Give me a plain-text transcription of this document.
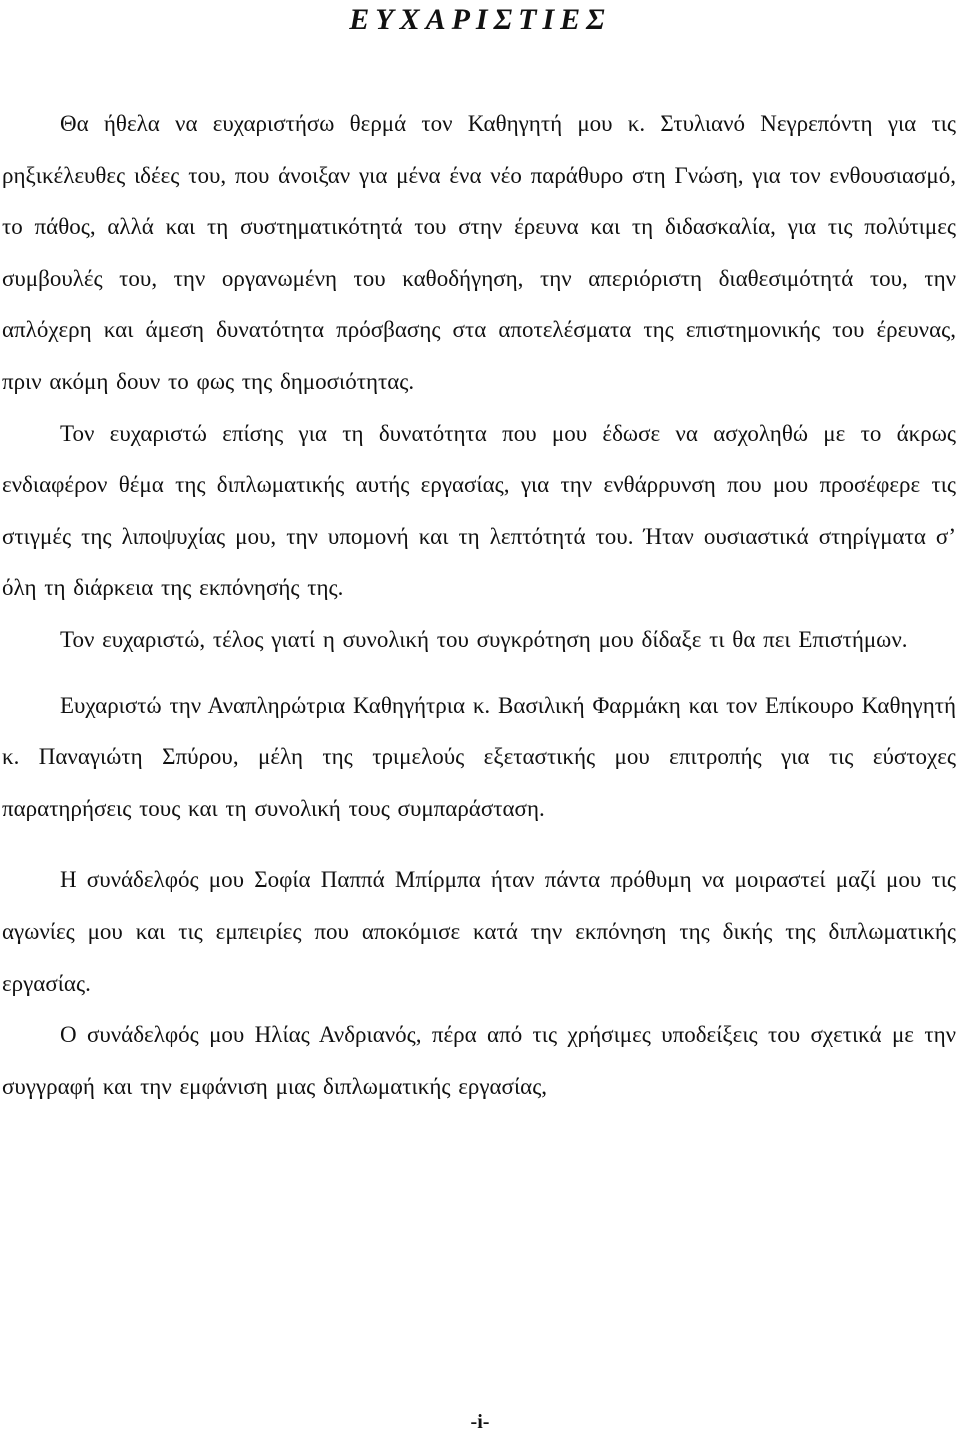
ΕΥΧΑΡΙΣΤΙΕΣ

Θα ήθελα να ευχαριστήσω θερμά τον Καθηγητή μου κ. Στυλιανό Νεγρεπόντη για τις ρηξικέλευθες ιδέες του, που άνοιξαν για μένα ένα νέο παράθυρο στη Γνώση, για τον ενθουσιασμό, το πάθος, αλλά και τη συστηματικότητά του στην έρευνα και τη διδασκαλία, για τις πολύτιμες συμβουλές του, την οργανωμένη του καθοδήγηση, την απεριόριστη διαθεσιμότητά του, την απλόχερη και άμεση δυνατότητα πρόσβασης στα αποτελέσματα της επιστημονικής του έρευνας, πριν ακόμη δουν το φως της δημοσιότητας.

Τον ευχαριστώ επίσης για τη δυνατότητα που μου έδωσε να ασχοληθώ με το άκρως ενδιαφέρον θέμα της διπλωματικής αυτής εργασίας, για την ενθάρρυνση που μου προσέφερε τις στιγμές της λιποψυχίας μου, την υπομονή και τη λεπτότητά του. Ήταν ουσιαστικά στηρίγματα σ’ όλη τη διάρκεια της εκπόνησής της.

Τον ευχαριστώ, τέλος γιατί η συνολική του συγκρότηση μου δίδαξε τι θα πει Επιστήμων.

Ευχαριστώ την Αναπληρώτρια Καθηγήτρια κ. Βασιλική Φαρμάκη και τον Επίκουρο Καθηγητή κ. Παναγιώτη Σπύρου, μέλη της τριμελούς εξεταστικής μου επιτροπής για τις εύστοχες παρατηρήσεις τους και τη συνολική τους συμπαράσταση.

Η συνάδελφός μου Σοφία Παππά Μπίρμπα ήταν πάντα πρόθυμη να μοιραστεί μαζί μου τις αγωνίες μου και τις εμπειρίες που αποκόμισε κατά την εκπόνηση της δικής της διπλωματικής εργασίας.

Ο συνάδελφός μου Ηλίας Ανδριανός, πέρα από τις χρήσιμες υποδείξεις του σχετικά με την συγγραφή και την εμφάνιση μιας διπλωματικής εργασίας,

-i-
